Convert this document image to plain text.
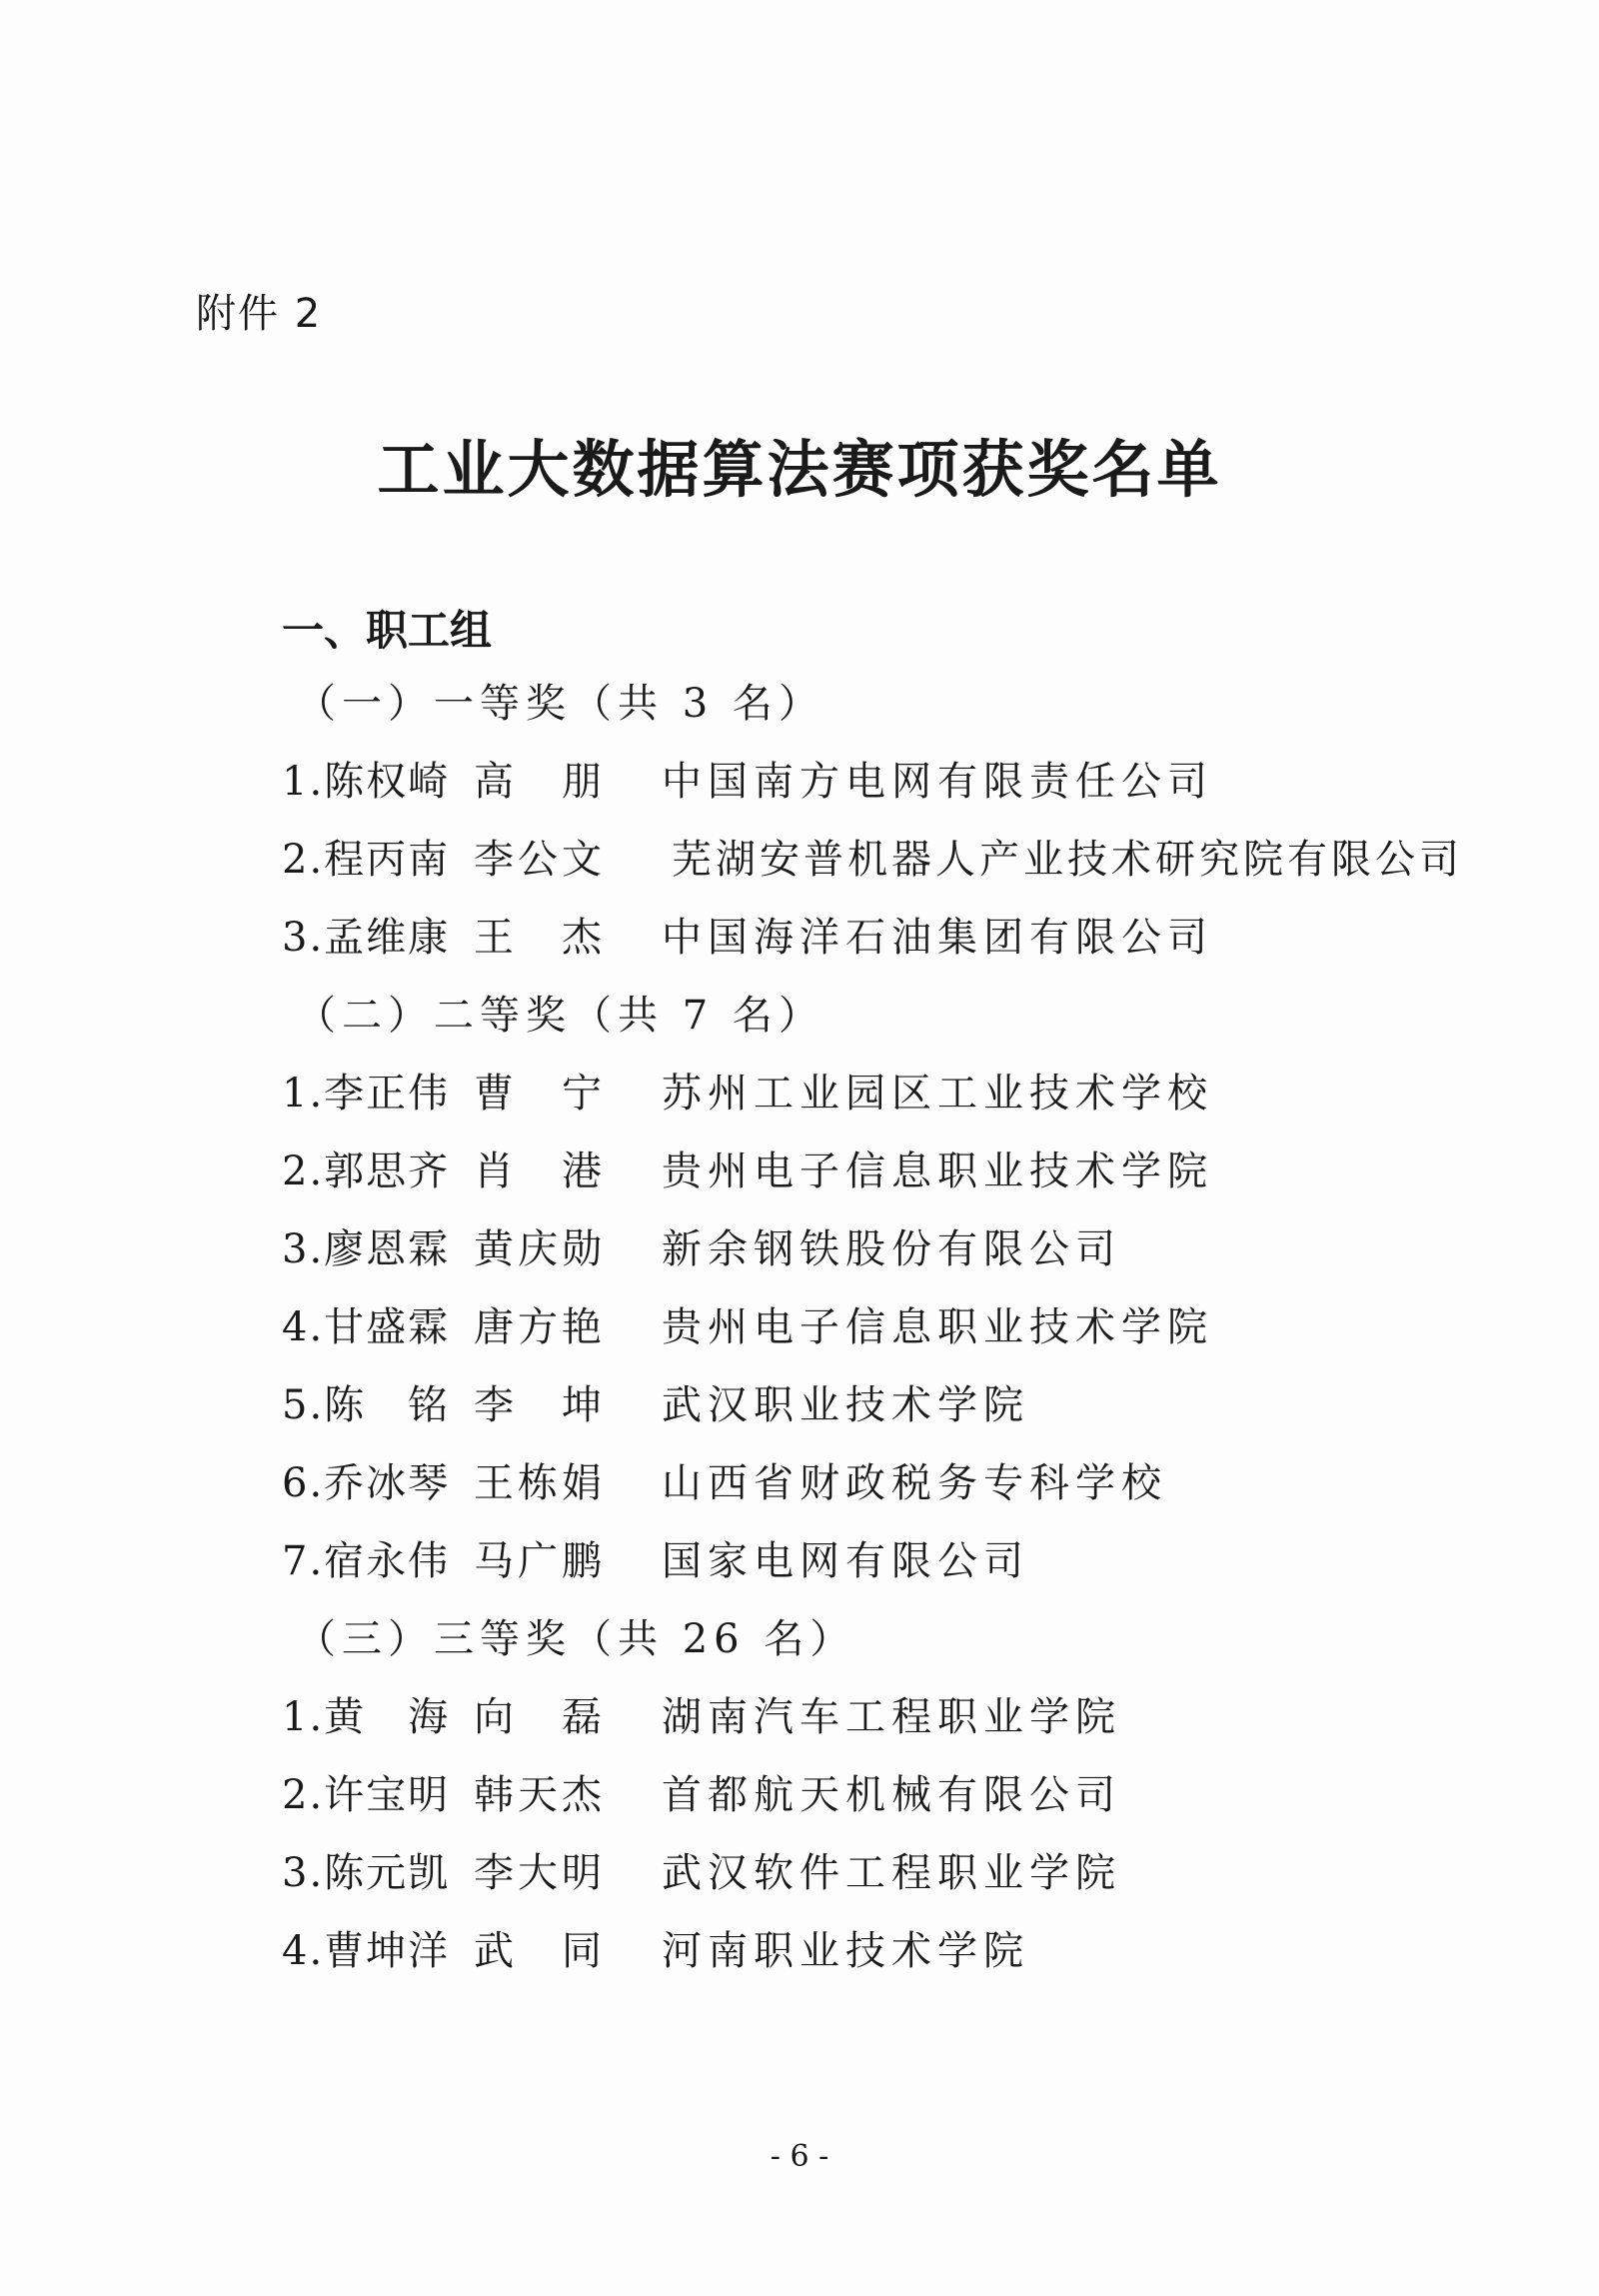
附件 2
工业大数据算法赛项获奖名单
一、职工组
（一）一等奖（共 3 名）
1.陈权崎 高　朋 中国南方电网有限责任公司
2.程丙南 李公文 芜湖安普机器人产业技术研究院有限公司
3.孟维康 王　杰 中国海洋石油集团有限公司
（二）二等奖（共 7 名）
1.李正伟 曹　宁 苏州工业园区工业技术学校
2.郭思齐 肖　港 贵州电子信息职业技术学院
3.廖恩霖 黄庆勋 新余钢铁股份有限公司
4.甘盛霖 唐方艳 贵州电子信息职业技术学院
5.陈　铭 李　坤 武汉职业技术学院
6.乔冰琴 王栋娟 山西省财政税务专科学校
7.宿永伟 马广鹏 国家电网有限公司
（三）三等奖（共 26 名）
1.黄　海 向　磊 湖南汽车工程职业学院
2.许宝明 韩天杰 首都航天机械有限公司
3.陈元凯 李大明 武汉软件工程职业学院
4.曹坤洋 武　同 河南职业技术学院
- 6 -
